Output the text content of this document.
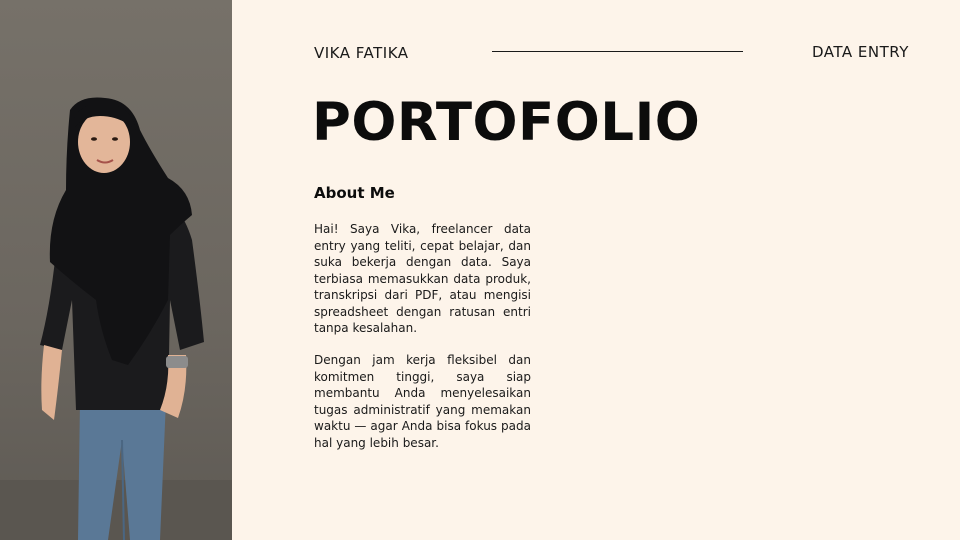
VIKA FATIKA	DATA ENTRY
PORTOFOLIO
About Me

Hai! Saya Vika, freelancer data entry yang teliti, cepat belajar, dan suka bekerja dengan data. Saya terbiasa memasukkan data produk, transkripsi dari PDF, atau mengisi spreadsheet dengan ratusan entri tanpa kesalahan.

Dengan jam kerja fleksibel dan komitmen tinggi, saya siap membantu Anda menyelesaikan tugas administratif yang memakan waktu — agar Anda bisa fokus pada hal yang lebih besar.
